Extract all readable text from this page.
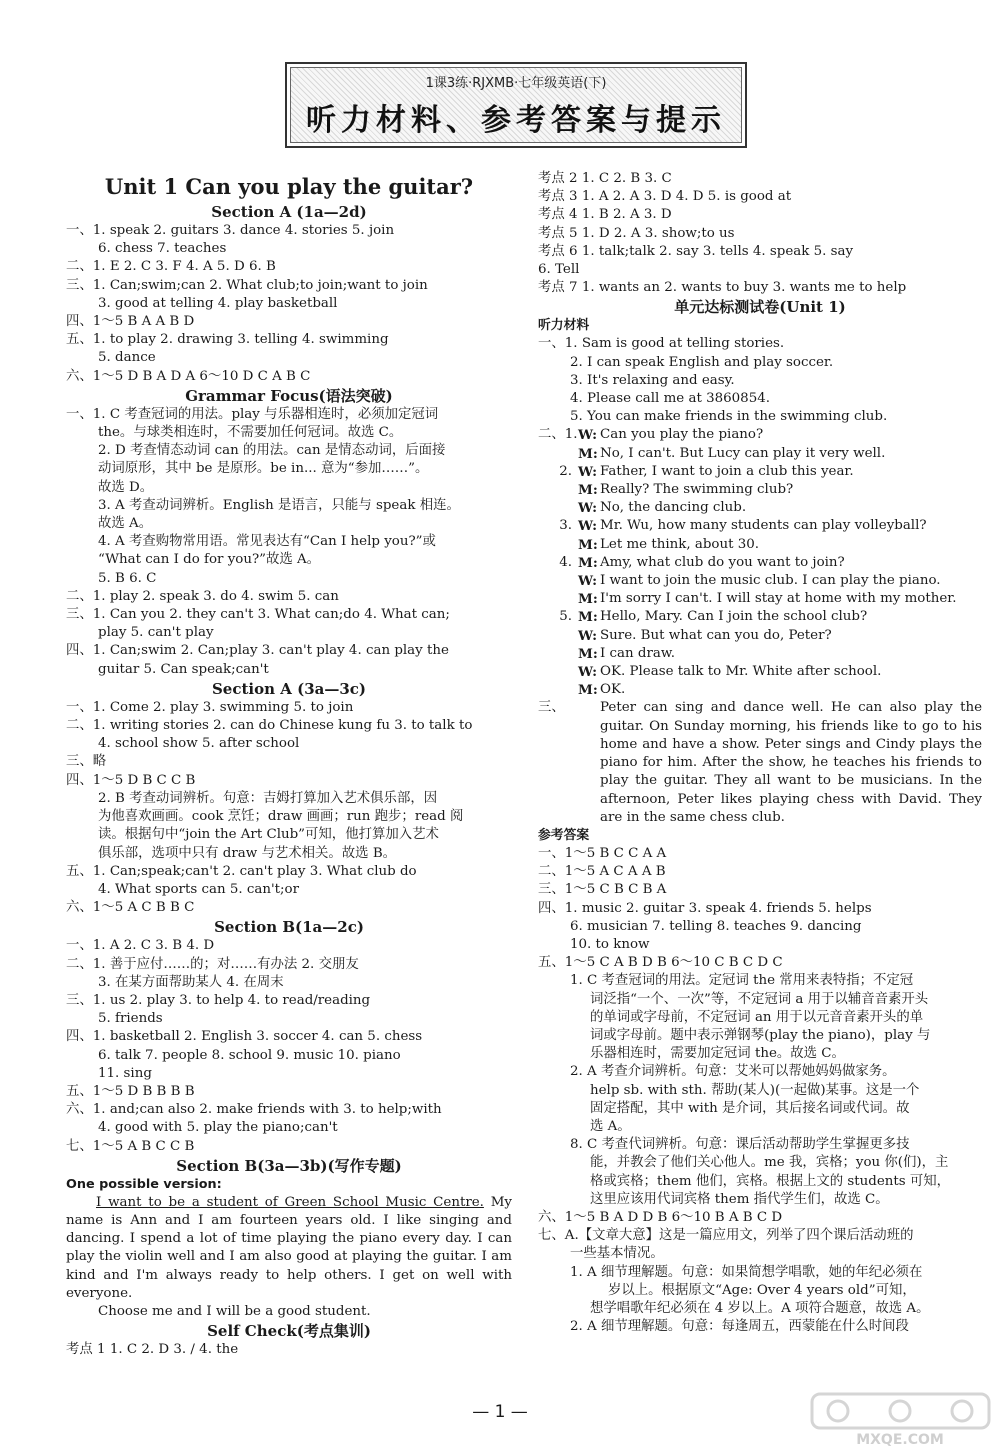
1课3练·RJXMB·七年级英语(下)
听力材料、参考答案与提示
Unit 1 Can you play the guitar?
Section A (1a—2d)
一、1. speak 2. guitars 3. dance 4. stories 5. join
6. chess 7. teaches
二、1. E 2. C 3. F 4. A 5. D 6. B
三、1. Can;swim;can 2. What club;to join;want to join
3. good at telling 4. play basketball
四、1～5 B A A B D
五、1. to play 2. drawing 3. telling 4. swimming
5. dance
六、1～5 D B A D A 6～10 D C A B C
Grammar Focus(语法突破)
一、1. C 考查冠词的用法。play 与乐器相连时，必须加定冠词
the。与球类相连时，不需要加任何冠词。故选 C。
2. D 考查情态动词 can 的用法。can 是情态动词，后面接
动词原形，其中 be 是原形。be in... 意为“参加……”。
故选 D。
3. A 考查动词辨析。English 是语言，只能与 speak 相连。
故选 A。
4. A 考查购物常用语。常见表达有“Can I help you?”或
“What can I do for you?”故选 A。
5. B 6. C
二、1. play 2. speak 3. do 4. swim 5. can
三、1. Can you 2. they can't 3. What can;do 4. What can;
play 5. can't play
四、1. Can;swim 2. Can;play 3. can't play 4. can play the
guitar 5. Can speak;can't
Section A (3a—3c)
一、1. Come 2. play 3. swimming 5. to join
二、1. writing stories 2. can do Chinese kung fu 3. to talk to
4. school show 5. after school
三、略
四、1～5 D B C C B
2. B 考查动词辨析。句意：吉姆打算加入艺术俱乐部，因
为他喜欢画画。cook 烹饪；draw 画画；run 跑步；read 阅
读。根据句中“join the Art Club”可知，他打算加入艺术
俱乐部，选项中只有 draw 与艺术相关。故选 B。
五、1. Can;speak;can't 2. can't play 3. What club do
4. What sports can 5. can't;or
六、1～5 A C B B C
Section B(1a—2c)
一、1. A 2. C 3. B 4. D
二、1. 善于应付……的；对……有办法 2. 交朋友
3. 在某方面帮助某人 4. 在周末
三、1. us 2. play 3. to help 4. to read/reading
5. friends
四、1. basketball 2. English 3. soccer 4. can 5. chess
6. talk 7. people 8. school 9. music 10. piano
11. sing
五、1～5 D B B B B
六、1. and;can also 2. make friends with 3. to help;with
4. good with 5. play the piano;can't
七、1～5 A B C C B
Section B(3a—3b)(写作专题)
One possible version:
I want to be a student of Green School Music Centre. My name is Ann and I am fourteen years old. I like singing and dancing. I spend a lot of time playing the piano every day. I can play the violin well and I am also good at playing the guitar. I am kind and I'm always ready to help others. I get on well with everyone.
Choose me and I will be a good student.
Self Check(考点集训)
考点 1 1. C 2. D 3. / 4. the
考点 2 1. C 2. B 3. C
考点 3 1. A 2. A 3. D 4. D 5. is good at
考点 4 1. B 2. A 3. D
考点 5 1. D 2. A 3. show;to us
考点 6 1. talk;talk 2. say 3. tells 4. speak 5. say
6. Tell
考点 7 1. wants an 2. wants to buy 3. wants me to help
单元达标测试卷(Unit 1)
听力材料
一、1. Sam is good at telling stories.
2. I can speak English and play soccer.
3. It's relaxing and easy.
4. Please call me at 3860854.
5. You can make friends in the swimming club.
二、1. W: Can you play the piano?
M: No, I can't. But Lucy can play it very well.
2. W: Father, I want to join a club this year.
M: Really? The swimming club?
W: No, the dancing club.
3. W: Mr. Wu, how many students can play volleyball?
M: Let me think, about 30.
4. M: Amy, what club do you want to join?
W: I want to join the music club. I can play the piano.
M: I'm sorry I can't. I will stay at home with my mother.
5. M: Hello, Mary. Can I join the school club?
W: Sure. But what can you do, Peter?
M: I can draw.
W: OK. Please talk to Mr. White after school.
M: OK.
三、	Peter can sing and dance well. He can also play the guitar. On Sunday morning, his friends like to go to his home and have a show. Peter sings and Cindy plays the piano for him. After the show, he teaches his friends to play the guitar. They all want to be musicians. In the afternoon, Peter likes playing chess with David. They are in the same chess club.
参考答案
一、1～5 B C C A A
二、1～5 A C A A B
三、1～5 C B C B A
四、1. music 2. guitar 3. speak 4. friends 5. helps
6. musician 7. telling 8. teaches 9. dancing
10. to know
五、1～5 C A B D B 6～10 C B C D C
1. C 考查冠词的用法。定冠词 the 常用来表特指；不定冠
词泛指“一个、一次”等，不定冠词 a 用于以辅音音素开头
的单词或字母前，不定冠词 an 用于以元音音素开头的单
词或字母前。题中表示弹钢琴(play the piano)，play 与
乐器相连时，需要加定冠词 the。故选 C。
2. A 考查介词辨析。句意：艾米可以帮她妈妈做家务。
help sb. with sth. 帮助(某人)(一起做)某事。这是一个
固定搭配，其中 with 是介词，其后接名词或代词。故
选 A。
8. C 考查代词辨析。句意：课后活动帮助学生掌握更多技
能，并教会了他们关心他人。me 我，宾格；you 你(们)，主
格或宾格；them 他们，宾格。根据上文的 students 可知，
这里应该用代词宾格 them 指代学生们，故选 C。
六、1～5 B A D D B 6～10 B A B C D
七、A.【文章大意】这是一篇应用文，列举了四个课后活动班的
一些基本情况。
1. A 细节理解题。句意：如果简想学唱歌，她的年纪必须在
岁以上。根据原文“Age: Over 4 years old”可知，
想学唱歌年纪必须在 4 岁以上。A 项符合题意，故选 A。
2. A 细节理解题。句意：每逢周五，西蒙能在什么时间段
— 1 —
MXQE.COM
